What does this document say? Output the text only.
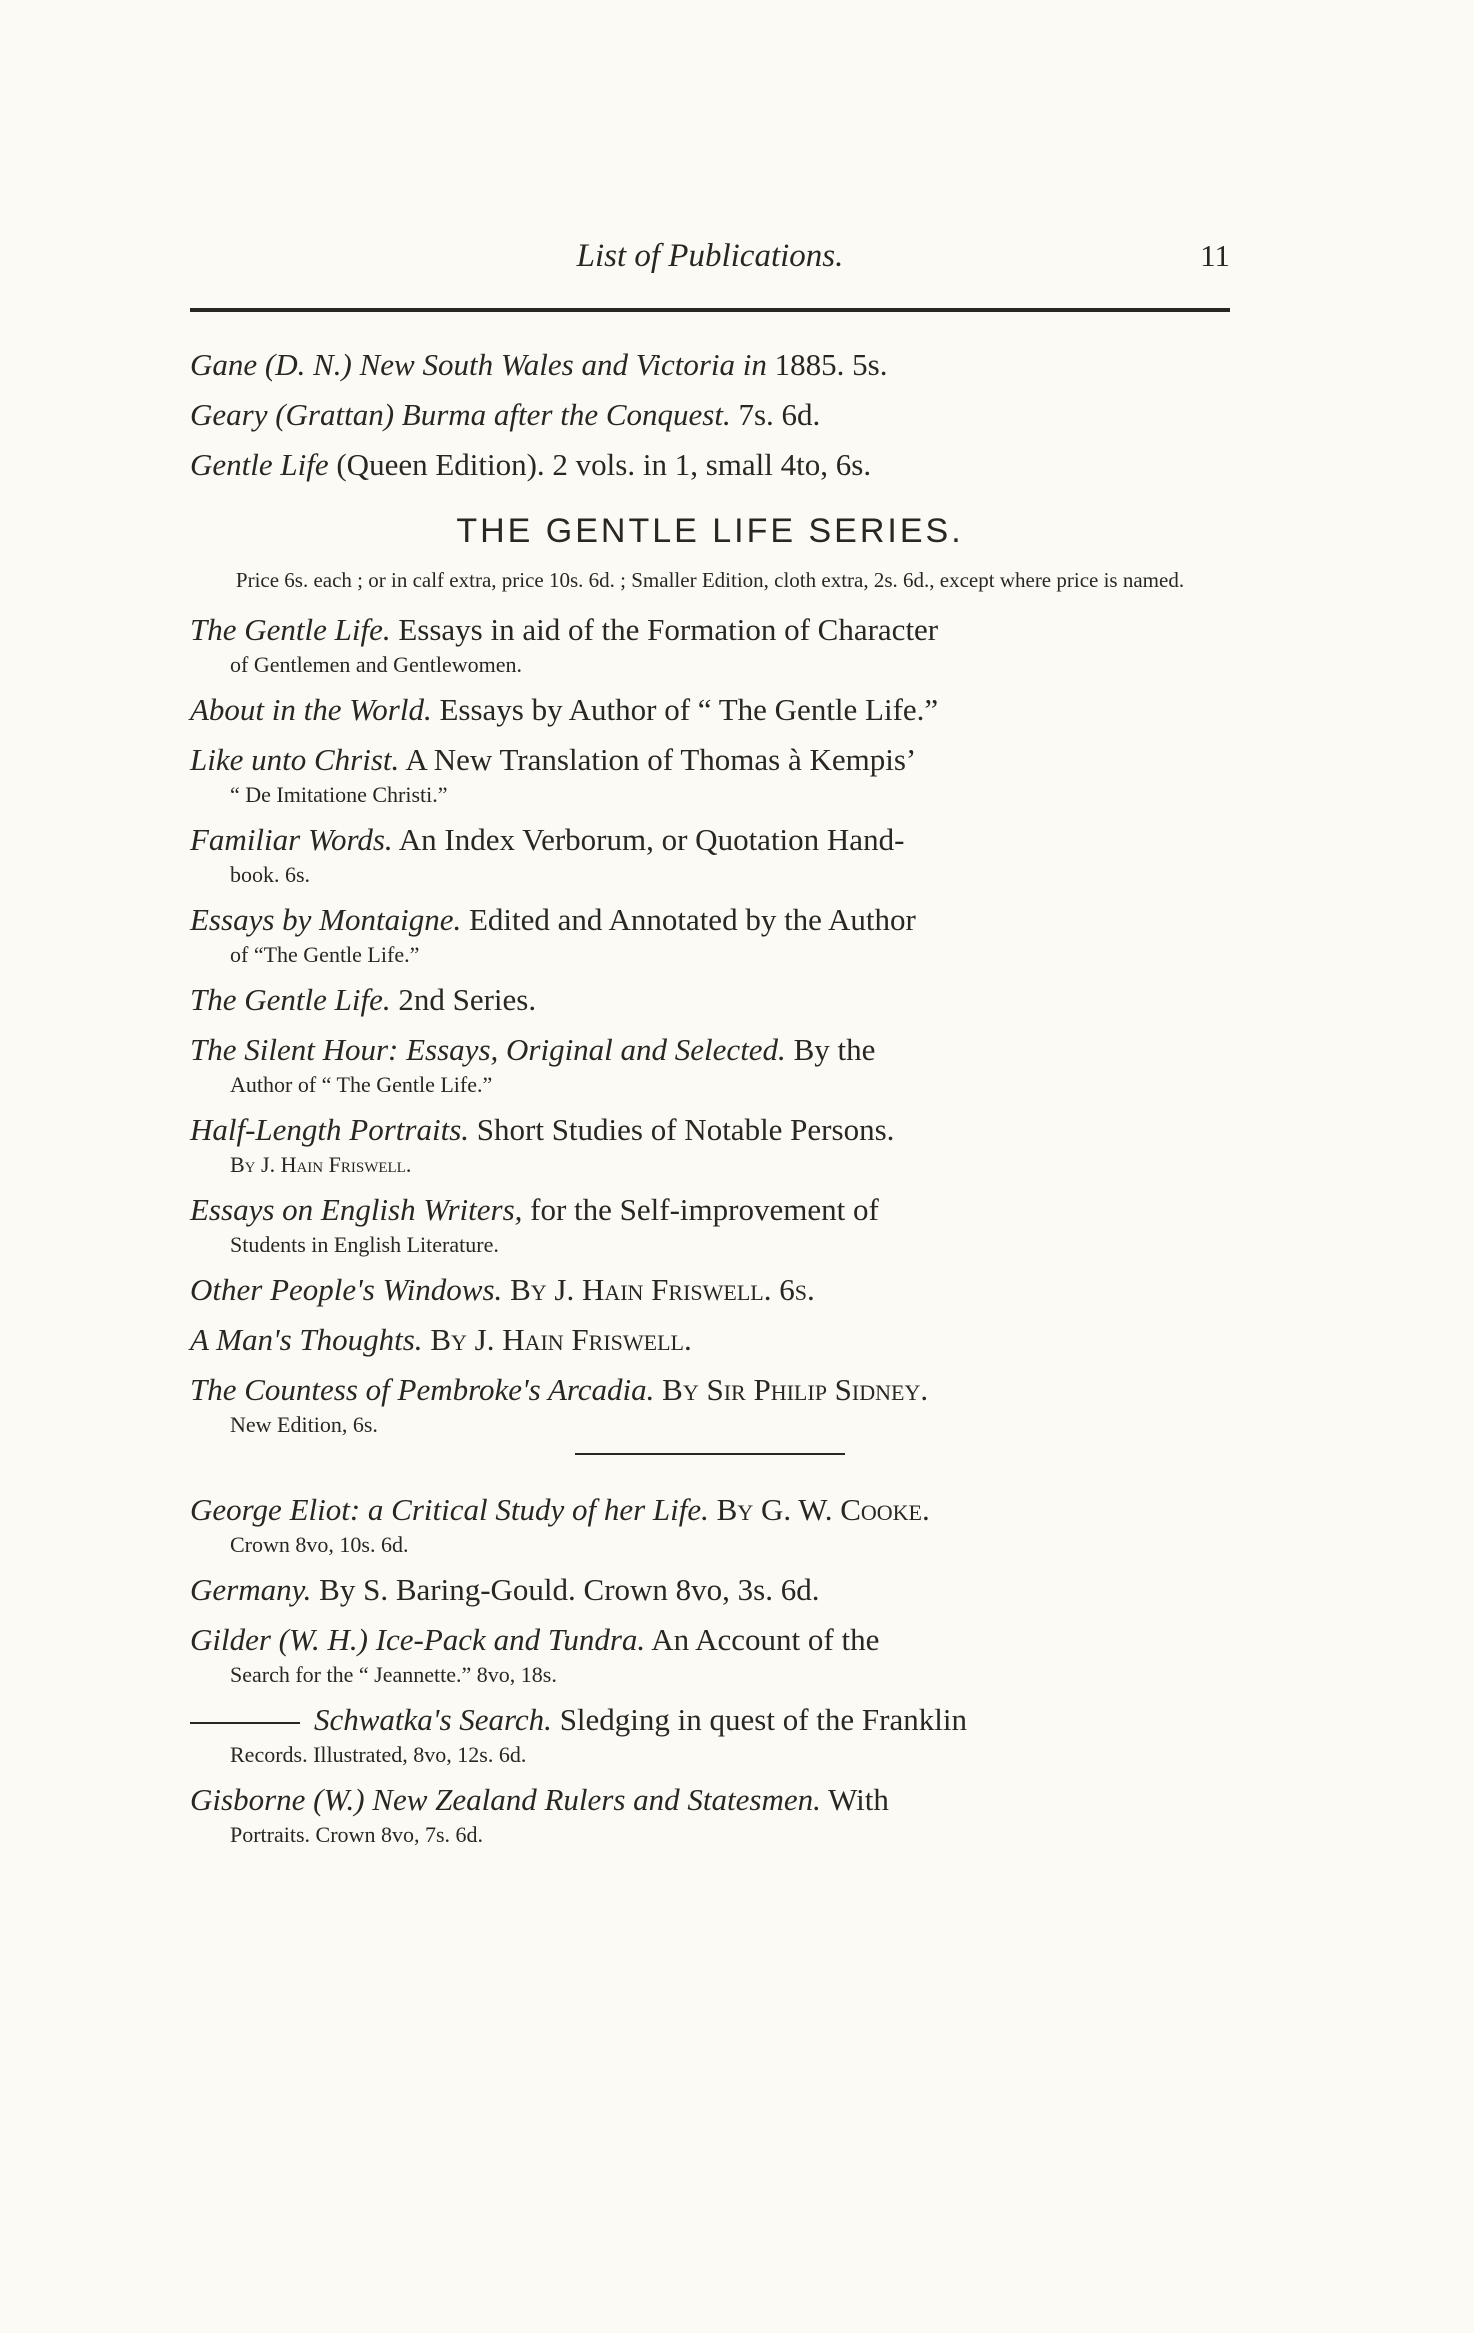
List of Publications.	11
Gane (D. N.) New South Wales and Victoria in 1885. 5s.
Geary (Grattan) Burma after the Conquest. 7s. 6d.
Gentle Life (Queen Edition). 2 vols. in 1, small 4to, 6s.
THE GENTLE LIFE SERIES.
Price 6s. each ; or in calf extra, price 10s. 6d. ; Smaller Edition, cloth extra, 2s. 6d., except where price is named.
The Gentle Life. Essays in aid of the Formation of Character
of Gentlemen and Gentlewomen.
About in the World. Essays by Author of “ The Gentle Life.”
Like unto Christ. A New Translation of Thomas à Kempis’
“ De Imitatione Christi.”
Familiar Words. An Index Verborum, or Quotation Hand-
book. 6s.
Essays by Montaigne. Edited and Annotated by the Author
of “The Gentle Life.”
The Gentle Life. 2nd Series.
The Silent Hour: Essays, Original and Selected. By the
Author of “ The Gentle Life.”
Half-Length Portraits. Short Studies of Notable Persons.
By J. Hain Friswell.
Essays on English Writers, for the Self-improvement of
Students in English Literature.
Other People's Windows. By J. Hain Friswell. 6s.
A Man's Thoughts. By J. Hain Friswell.
The Countess of Pembroke's Arcadia. By Sir Philip Sidney.
New Edition, 6s.
George Eliot: a Critical Study of her Life. By G. W. Cooke.
Crown 8vo, 10s. 6d.
Germany. By S. Baring-Gould. Crown 8vo, 3s. 6d.
Gilder (W. H.) Ice-Pack and Tundra. An Account of the
Search for the “ Jeannette.” 8vo, 18s.
Schwatka's Search. Sledging in quest of the Franklin
Records. Illustrated, 8vo, 12s. 6d.
Gisborne (W.) New Zealand Rulers and Statesmen. With
Portraits. Crown 8vo, 7s. 6d.
